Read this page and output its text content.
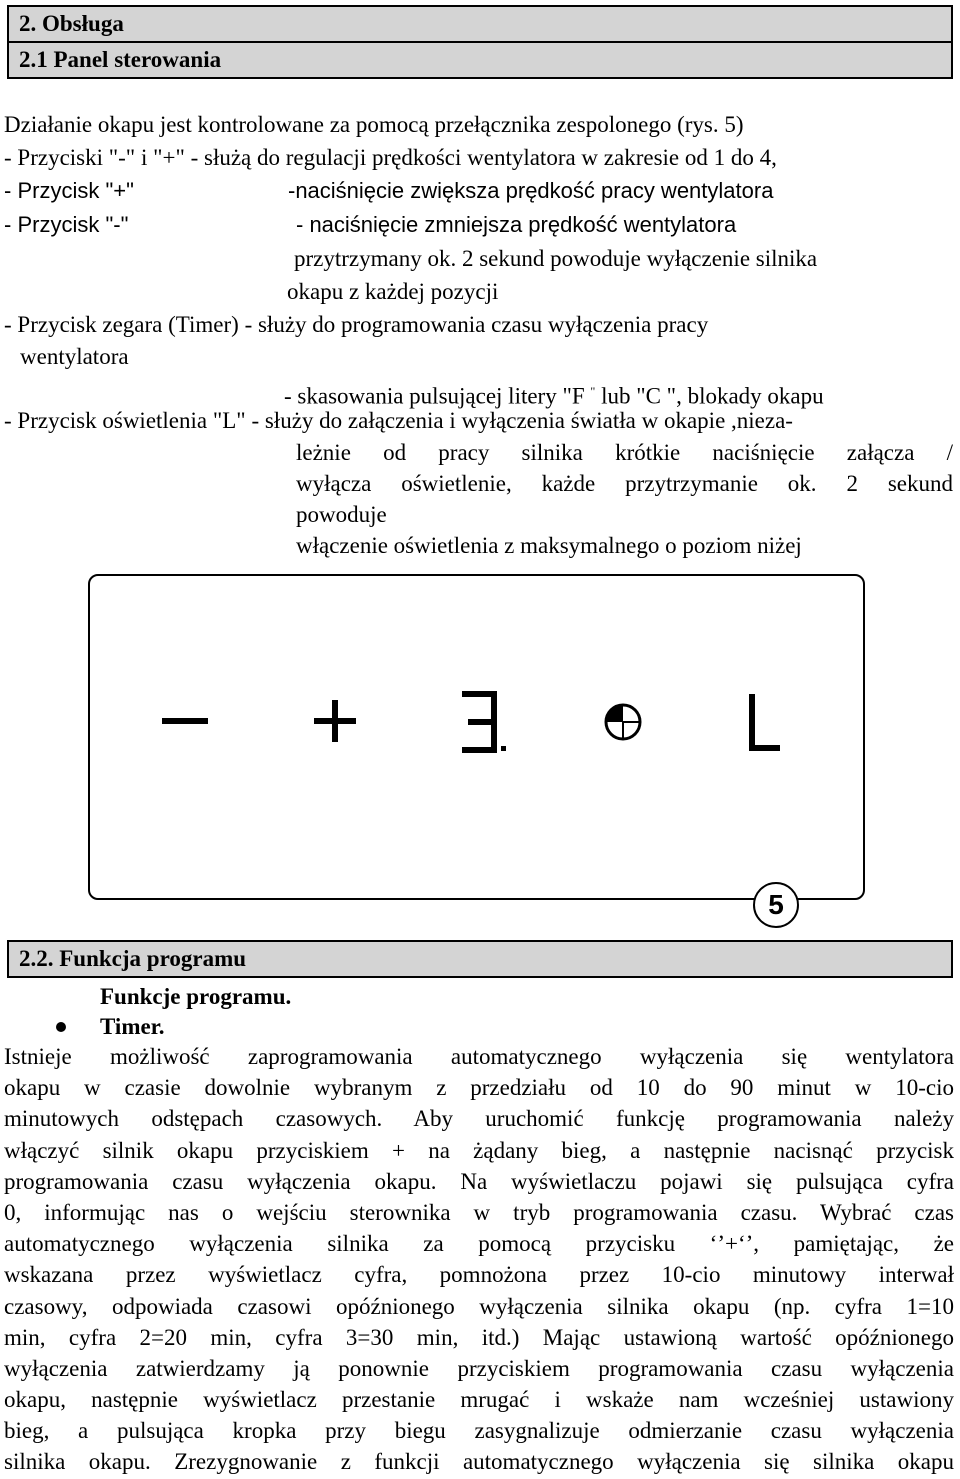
2. Obsługa
2.1 Panel sterowania
Działanie okapu jest kontrolowane za pomocą przełącznika zespolonego (rys. 5)
- Przyciski "-" i "+" - służą do regulacji prędkości wentylatora w zakresie od 1 do 4,
- Przycisk "+"	-naciśnięcie zwiększa prędkość pracy wentylatora
- Przycisk "-"	- naciśnięcie zmniejsza prędkość wentylatora
przytrzymany ok. 2 sekund powoduje wyłączenie silnika
okapu z każdej pozycji
- Przycisk zegara (Timer) - służy do programowania czasu wyłączenia pracy
wentylatora
- skasowania pulsującej litery "F " lub "C ", blokady okapu
- Przycisk oświetlenia "L" - służy do załączenia i wyłączenia światła w okapie ,nieza-
leżnie od pracy silnika krótkie naciśnięcie załącza /
wyłącza oświetlenie, każde przytrzymanie ok. 2 sekund
powoduje
włączenie oświetlenia z maksymalnego o poziom niżej
5
2.2. Funkcja programu
Funkcje programu.
Timer.
Istnieje możliwość zaprogramowania automatycznego wyłączenia się wentylatora
okapu w czasie dowolnie wybranym z przedziału od 10 do 90 minut w 10-cio
minutowych odstępach czasowych. Aby uruchomić funkcję programowania należy
włączyć silnik okapu przyciskiem + na żądany bieg, a następnie nacisnąć przycisk
programowania czasu wyłączenia okapu. Na wyświetlaczu pojawi się pulsująca cyfra
0, informując nas o wejściu sterownika w tryb programowania czasu. Wybrać czas
automatycznego wyłączenia silnika za pomocą przycisku ‘’+‘’, pamiętając, że
wskazana przez wyświetlacz cyfra, pomnożona przez 10-cio minutowy interwał
czasowy, odpowiada czasowi opóźnionego wyłączenia silnika okapu (np. cyfra 1=10
min, cyfra 2=20 min, cyfra 3=30 min, itd.) Mając ustawioną wartość opóźnionego
wyłączenia zatwierdzamy ją ponownie przyciskiem programowania czasu wyłączenia
okapu, następnie wyświetlacz przestanie mrugać i wskaże nam wcześniej ustawiony
bieg, a pulsująca kropka przy biegu zasygnalizuje odmierzanie czasu wyłączenia
silnika okapu. Zrezygnowanie z funkcji automatycznego wyłączenia się silnika okapu
